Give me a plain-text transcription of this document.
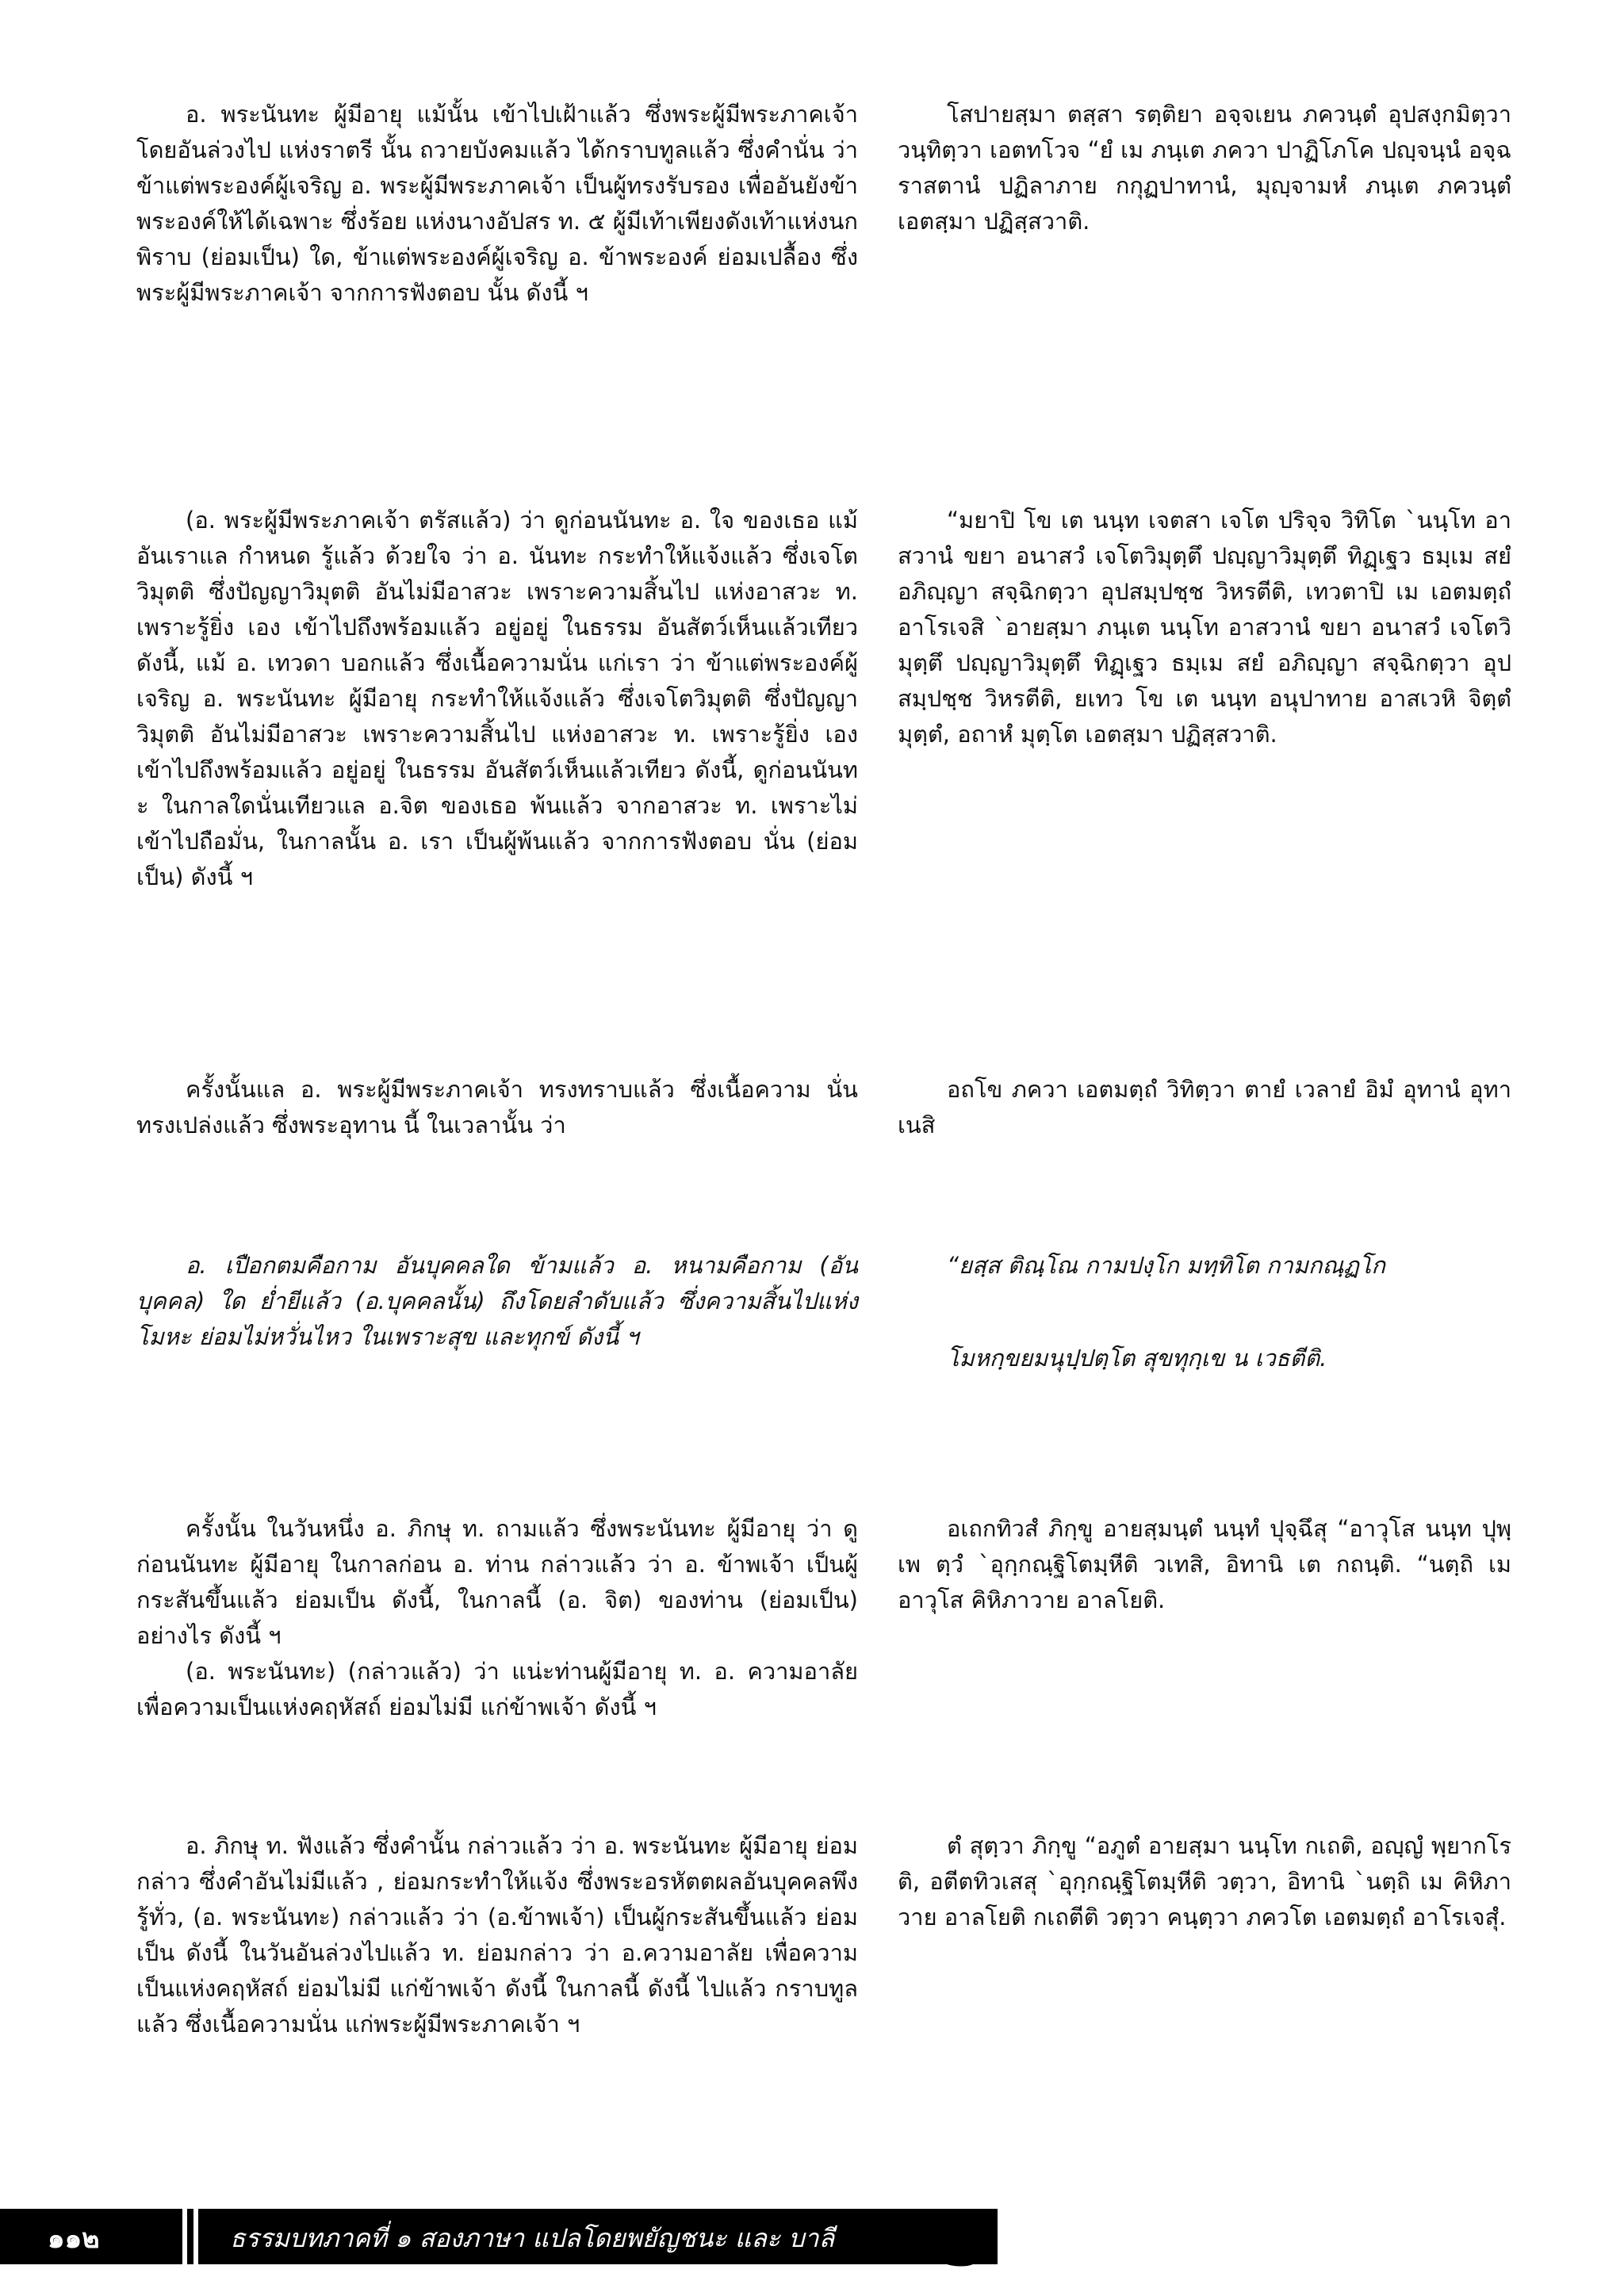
อ. พระนันทะ ผู้มีอายุ แม้นั้น เข้าไปเฝ้าแล้ว ซึ่งพระผู้มีพระภาคเจ้า โดยอันล่วงไป แห่งราตรี นั้น ถวายบังคมแล้ว ได้กราบทูลแล้ว ซึ่งคำนั่น ว่า ข้าแต่พระองค์ผู้เจริญ อ. พระผู้มีพระภาคเจ้า เป็นผู้ทรงรับรอง เพื่ออันยังข้าพระองค์ให้ได้เฉพาะ ซึ่งร้อย แห่งนางอัปสร ท. ๕ ผู้มีเท้าเพียงดังเท้าแห่งนกพิราบ (ย่อมเป็น) ใด, ข้าแต่พระองค์ผู้เจริญ อ. ข้าพระองค์ ย่อมเปลื้อง ซึ่งพระผู้มีพระภาคเจ้า จากการฟังตอบ นั้น ดังนี้ ฯ

โสปายสฺมา ตสฺสา รตฺติยา อจฺจเยน ภควนฺตํ อุปสงฺกมิตฺวา วนฺทิตฺวา เอตทโวจ “ยํ เม ภนฺเต ภควา ปาฏิโภโค ปญฺจนฺนํ อจฺฉราสตานํ ปฏิลาภาย กกุฏปาทานํ, มุญฺจามหํ ภนฺเต ภควนฺตํ เอตสฺมา ปฏิสฺสวาติ.

(อ. พระผู้มีพระภาคเจ้า ตรัสแล้ว) ว่า ดูก่อนนันทะ อ. ใจ ของเธอ แม้อันเราแล กำหนด รู้แล้ว ด้วยใจ ว่า อ. นันทะ กระทำให้แจ้งแล้ว ซึ่งเจโตวิมุตติ ซึ่งปัญญาวิมุตติ อันไม่มีอาสวะ เพราะความสิ้นไป แห่งอาสวะ ท. เพราะรู้ยิ่ง เอง เข้าไปถึงพร้อมแล้ว อยู่อยู่ ในธรรม อันสัตว์เห็นแล้วเทียว ดังนี้, แม้ อ. เทวดา บอกแล้ว ซึ่งเนื้อความนั่น แก่เรา ว่า ข้าแต่พระองค์ผู้เจริญ อ. พระนันทะ ผู้มีอายุ กระทำให้แจ้งแล้ว ซึ่งเจโตวิมุตติ ซึ่งปัญญาวิมุตติ อันไม่มีอาสวะ เพราะความสิ้นไป แห่งอาสวะ ท. เพราะรู้ยิ่ง เอง เข้าไปถึงพร้อมแล้ว อยู่อยู่ ในธรรม อันสัตว์เห็นแล้วเทียว ดังนี้, ดูก่อนนันทะ ในกาลใดนั่นเทียวแล อ.จิต ของเธอ พ้นแล้ว จากอาสวะ ท. เพราะไม่เข้าไปถือมั่น, ในกาลนั้น อ. เรา เป็นผู้พ้นแล้ว จากการฟังตอบ นั่น (ย่อมเป็น) ดังนี้ ฯ

“มยาปิ โข เต นนฺท เจตสา เจโต ปริจฺจ วิทิโต `นนฺโท อาสวานํ ขยา อนาสวํ เจโตวิมุตฺตึ ปญฺญาวิมุตฺตึ ทิฏฺเฐว ธมฺเม สยํ อภิญฺญา สจฺฉิกตฺวา อุปสมฺปชฺช วิหรตีติ, เทวตาปิ เม เอตมตฺถํ อาโรเจสิ `อายสฺมา ภนฺเต นนฺโท อาสวานํ ขยา อนาสวํ เจโตวิมุตฺตึ ปญฺญาวิมุตฺตึ ทิฏฺเฐว ธมฺเม สยํ อภิญฺญา สจฺฉิกตฺวา อุปสมฺปชฺช วิหรตีติ, ยเทว โข เต นนฺท อนุปาทาย อาสเวหิ จิตฺตํ มุตฺตํ, อถาหํ มุตฺโต เอตสฺมา ปฏิสฺสวาติ.

ครั้งนั้นแล อ. พระผู้มีพระภาคเจ้า ทรงทราบแล้ว ซึ่งเนื้อความ นั่น ทรงเปล่งแล้ว ซึ่งพระอุทาน นี้ ในเวลานั้น ว่า

อถโข ภควา เอตมตฺถํ วิทิตฺวา ตายํ เวลายํ อิมํ อุทานํ อุทาเนสิ

อ. เปือกตมคือกาม อันบุคคลใด ข้ามแล้ว อ. หนามคือกาม (อันบุคคล) ใด ย่ำยีแล้ว (อ.บุคคลนั้น) ถึงโดยลำดับแล้ว ซึ่งความสิ้นไปแห่งโมหะ ย่อมไม่หวั่นไหว ในเพราะสุข และทุกข์ ดังนี้ ฯ

“ยสฺส ติณฺโณ กามปงฺโก มทฺทิโต กามกณฺฏโก
โมหกฺขยมนุปฺปตฺโต สุขทุกฺเข น เวธตีติ.

ครั้งนั้น ในวันหนึ่ง อ. ภิกษุ ท. ถามแล้ว ซึ่งพระนันทะ ผู้มีอายุ ว่า ดูก่อนนันทะ ผู้มีอายุ ในกาลก่อน อ. ท่าน กล่าวแล้ว ว่า อ. ข้าพเจ้า เป็นผู้กระสันขึ้นแล้ว ย่อมเป็น ดังนี้, ในกาลนี้ (อ. จิต) ของท่าน (ย่อมเป็น) อย่างไร ดังนี้ ฯ

(อ. พระนันทะ) (กล่าวแล้ว) ว่า แน่ะท่านผู้มีอายุ ท. อ. ความอาลัย เพื่อความเป็นแห่งคฤหัสถ์ ย่อมไม่มี แก่ข้าพเจ้า ดังนี้ ฯ

อเถกทิวสํ ภิกฺขู อายสฺมนฺตํ นนฺทํ ปุจฺฉึสุ “อาวุโส นนฺท ปุพฺเพ ตฺวํ `อุกฺกณฺฐิโตมฺหีติ วเทสิ, อิทานิ เต กถนฺติ. “นตฺถิ เม อาวุโส คิหิภาวาย อาลโยติ.

อ. ภิกษุ ท. ฟังแล้ว ซึ่งคำนั้น กล่าวแล้ว ว่า อ. พระนันทะ ผู้มีอายุ ย่อมกล่าว ซึ่งคำอันไม่มีแล้ว , ย่อมกระทำให้แจ้ง ซึ่งพระอรหัตตผลอันบุคคลพึงรู้ทั่ว, (อ. พระนันทะ) กล่าวแล้ว ว่า (อ.ข้าพเจ้า) เป็นผู้กระสันขึ้นแล้ว ย่อมเป็น ดังนี้ ในวันอันล่วงไปแล้ว ท. ย่อมกล่าว ว่า อ.ความอาลัย เพื่อความเป็นแห่งคฤหัสถ์ ย่อมไม่มี แก่ข้าพเจ้า ดังนี้ ในกาลนี้ ดังนี้ ไปแล้ว กราบทูลแล้ว ซึ่งเนื้อความนั่น แก่พระผู้มีพระภาคเจ้า ฯ

ตํ สุตฺวา ภิกฺขู “อภูตํ อายสฺมา นนฺโท กเถติ, อญฺญํ พฺยากโรติ, อตีตทิวเสสุ `อุกฺกณฺฐิโตมฺหีติ วตฺวา, อิทานิ `นตฺถิ เม คิหิภาวาย อาลโยติ กเถตีติ วตฺวา คนฺตฺวา ภควโต เอตมตฺถํ อาโรเจสุํ.

๑๑๒	ธรรมบทภาคที่ ๑ สองภาษา แปลโดยพยัญชนะ และ บาลี
